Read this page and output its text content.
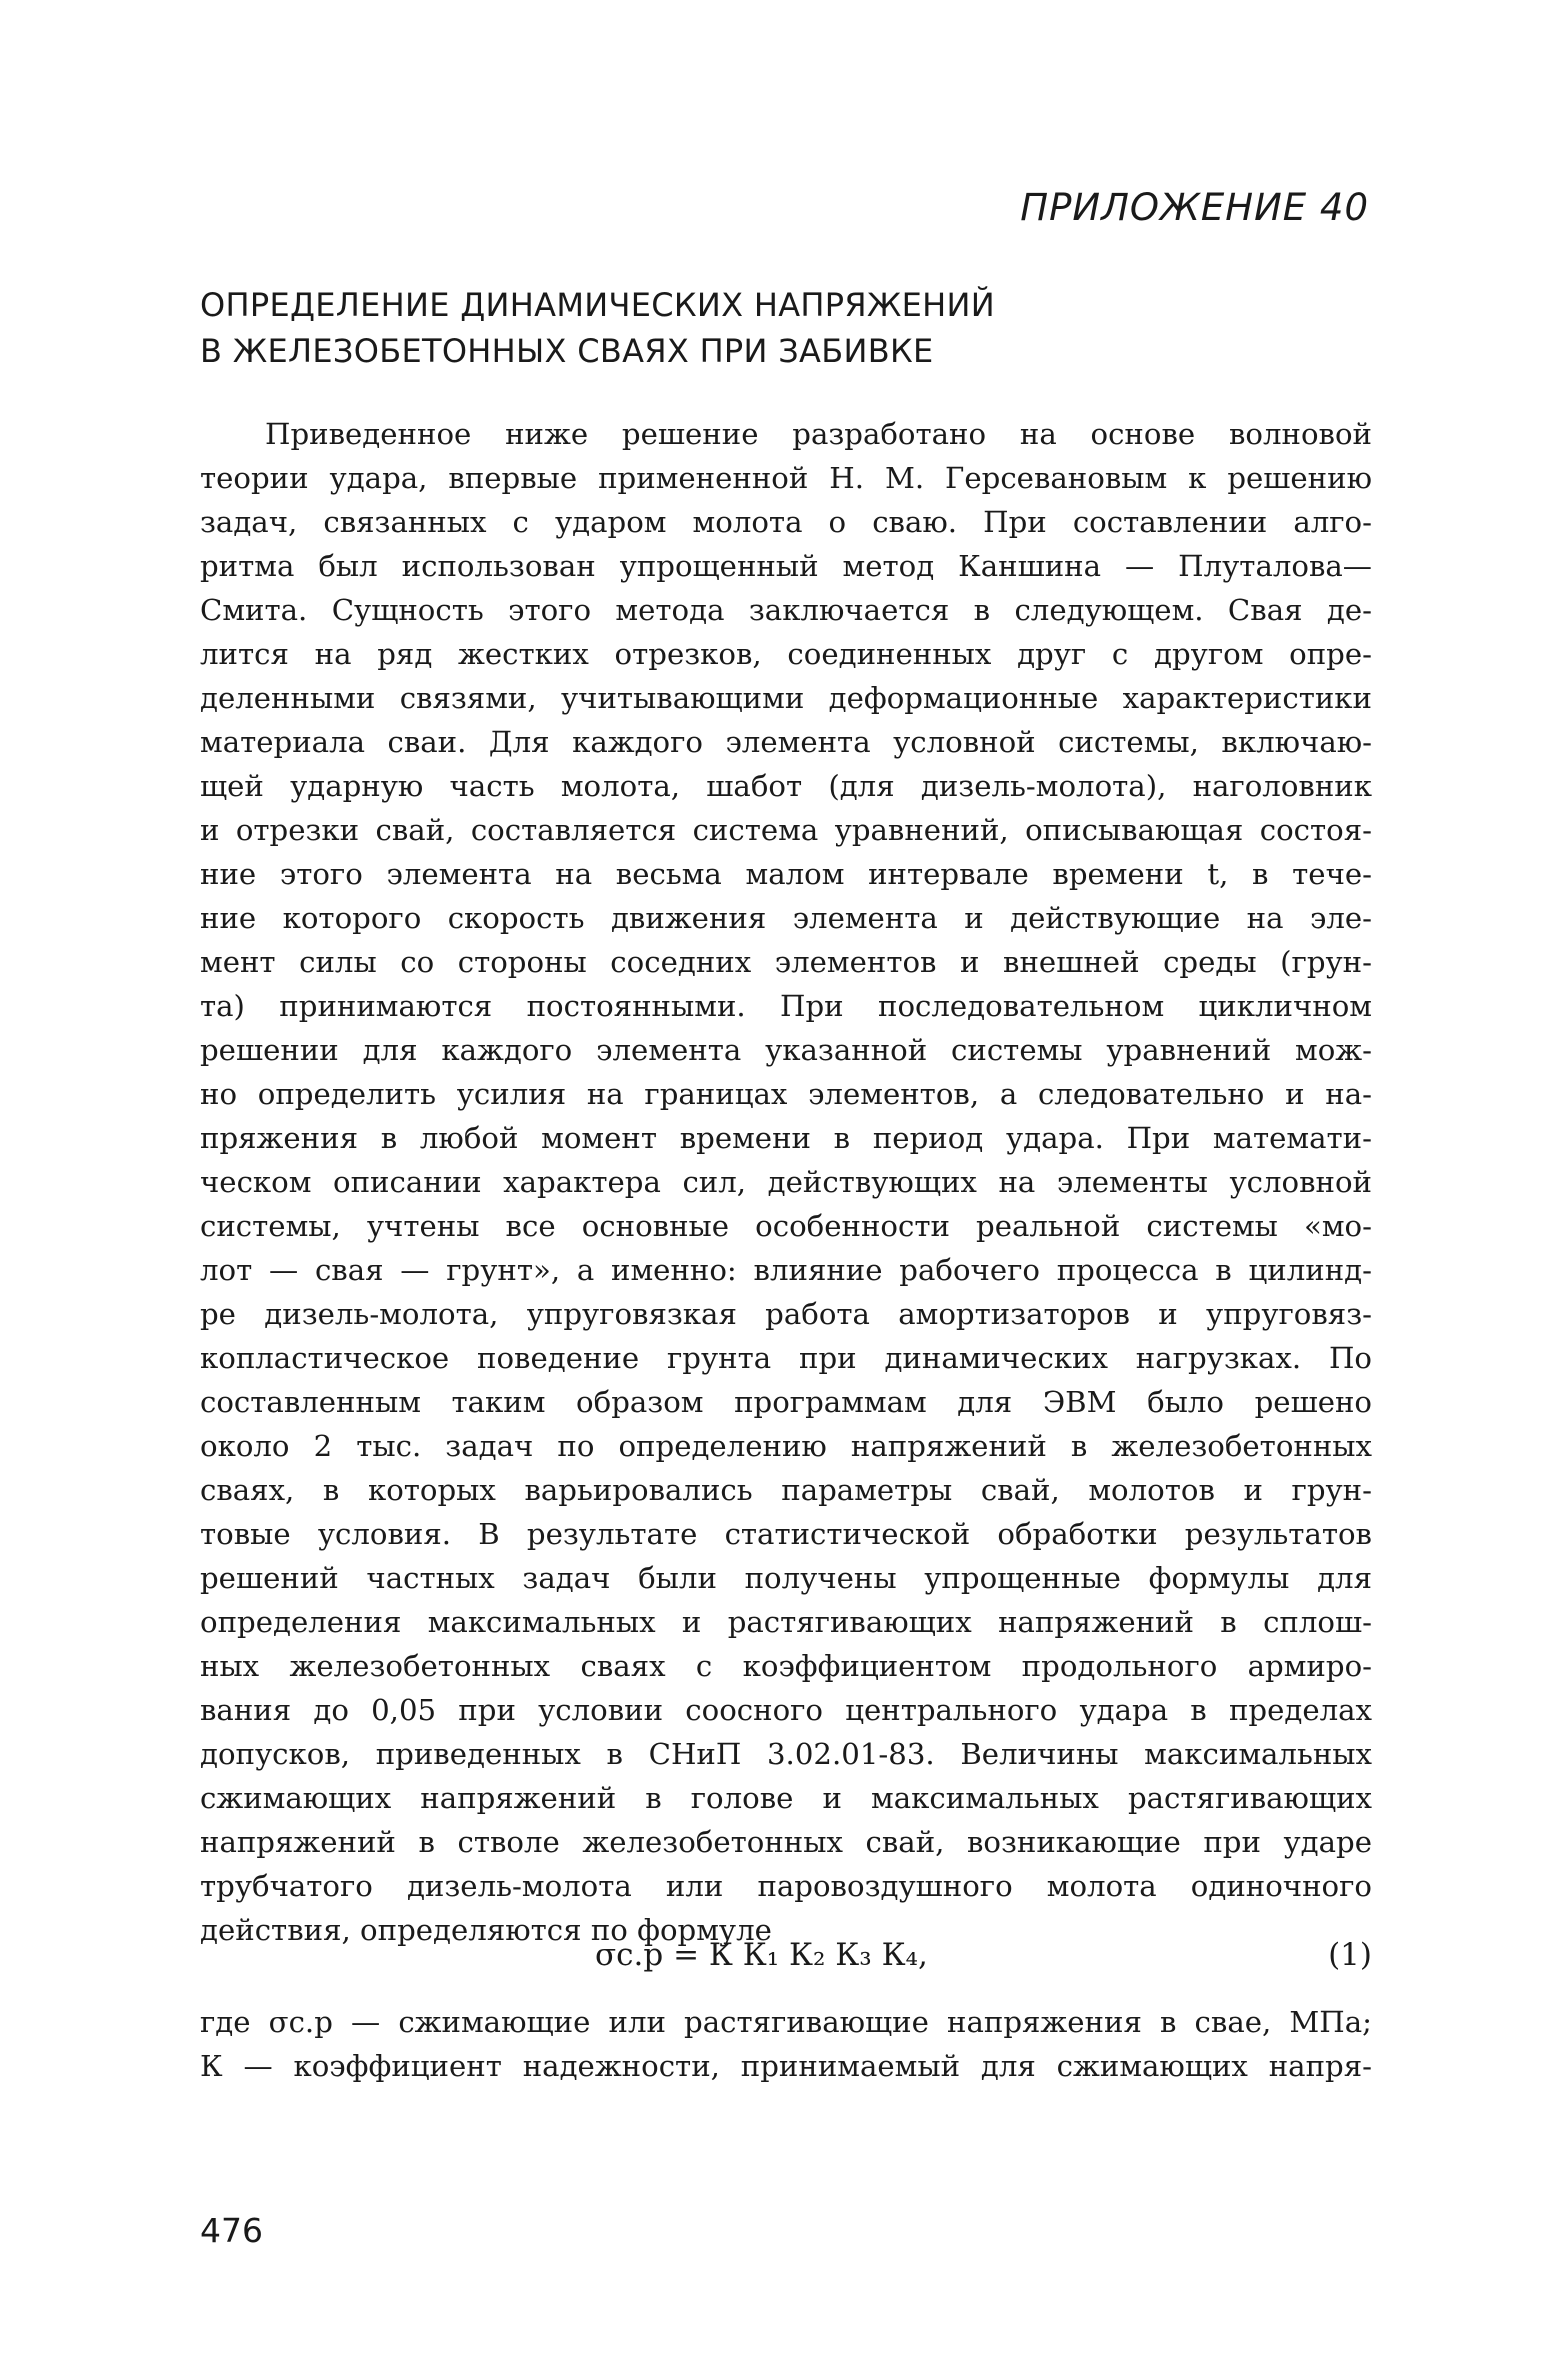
ПРИЛОЖЕНИЕ 40
ОПРЕДЕЛЕНИЕ ДИНАМИЧЕСКИХ НАПРЯЖЕНИЙ
В ЖЕЛЕЗОБЕТОННЫХ СВАЯХ ПРИ ЗАБИВКЕ
Приведенное ниже решение разработано на основе волновой
теории удара, впервые примененной Н. М. Герсевановым к решению
задач, связанных с ударом молота о сваю. При составлении алго-
ритма был использован упрощенный метод Каншина — Плуталова—
Смита. Сущность этого метода заключается в следующем. Свая де-
лится на ряд жестких отрезков, соединенных друг с другом опре-
деленными связями, учитывающими деформационные характеристики
материала сваи. Для каждого элемента условной системы, включаю-
щей ударную часть молота, шабот (для дизель-молота), наголовник
и отрезки свай, составляется система уравнений, описывающая состоя-
ние этого элемента на весьма малом интервале времени t, в тече-
ние которого скорость движения элемента и действующие на эле-
мент силы со стороны соседних элементов и внешней среды (грун-
та) принимаются постоянными. При последовательном цикличном
решении для каждого элемента указанной системы уравнений мож-
но определить усилия на границах элементов, а следовательно и на-
пряжения в любой момент времени в период удара. При математи-
ческом описании характера сил, действующих на элементы условной
системы, учтены все основные особенности реальной системы «мо-
лот — свая — грунт», а именно: влияние рабочего процесса в цилинд-
ре дизель-молота, упруговязкая работа амортизаторов и упруговяз-
копластическое поведение грунта при динамических нагрузках. По
составленным таким образом программам для ЭВМ было решено
около 2 тыс. задач по определению напряжений в железобетонных
сваях, в которых варьировались параметры свай, молотов и грун-
товые условия. В результате статистической обработки результатов
решений частных задач были получены упрощенные формулы для
определения максимальных и растягивающих напряжений в сплош-
ных железобетонных сваях с коэффициентом продольного армиро-
вания до 0,05 при условии соосного центрального удара в пределах
допусков, приведенных в СНиП 3.02.01-83. Величины максимальных
сжимающих напряжений в голове и максимальных растягивающих
напряжений в стволе железобетонных свай, возникающие при ударе
трубчатого дизель-молота или паровоздушного молота одиночного
действия, определяются по формуле
σс.р = К К₁ К₂ К₃ К₄,	(1)
где σс.р — сжимающие или растягивающие напряжения в свае, МПа;
К — коэффициент надежности, принимаемый для сжимающих напря-
476
